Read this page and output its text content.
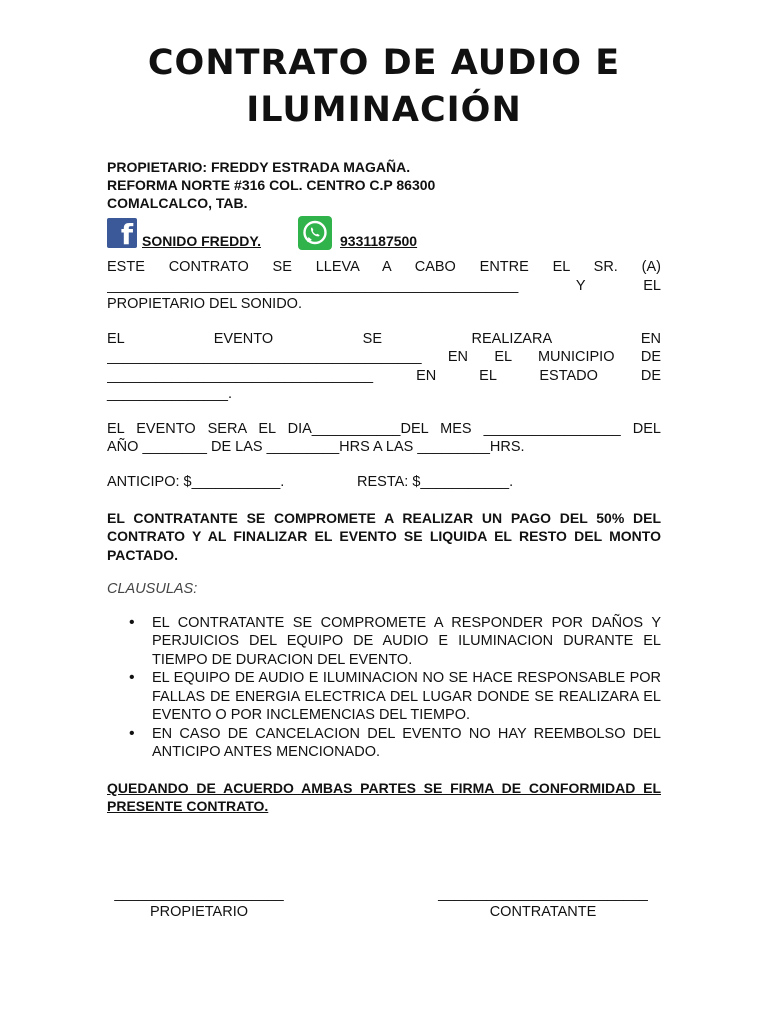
CONTRATO DE AUDIO E
ILUMINACIÓN
PROPIETARIO: FREDDY ESTRADA MAGAÑA.
REFORMA NORTE #316 COL. CENTRO C.P 86300
COMALCALCO, TAB.
f SONIDO FREDDY.	9331187500
ESTE CONTRATO SE LLEVA A CABO ENTRE EL SR. (A)
___________________________________________________ Y EL
PROPIETARIO DEL SONIDO.
EL EVENTO SE REALIZARA EN
_______________________________________ EN EL MUNICIPIO DE
_________________________________ EN EL ESTADO DE
_______________.
EL EVENTO SERA EL DIA___________DEL MES _________________ DEL
AÑO ________ DE LAS _________HRS A LAS _________HRS.
ANTICIPO: $___________.	RESTA: $___________.
EL CONTRATANTE SE COMPROMETE A REALIZAR UN PAGO DEL 50% DEL CONTRATO Y AL FINALIZAR EL EVENTO SE LIQUIDA EL RESTO DEL MONTO PACTADO.
CLAUSULAS:
• EL CONTRATANTE SE COMPROMETE A RESPONDER POR DAÑOS Y PERJUICIOS DEL EQUIPO DE AUDIO E ILUMINACION DURANTE EL TIEMPO DE DURACION DEL EVENTO.
• EL EQUIPO DE AUDIO E ILUMINACION NO SE HACE RESPONSABLE POR FALLAS DE ENERGIA ELECTRICA DEL LUGAR DONDE SE REALIZARA EL EVENTO O POR INCLEMENCIAS DEL TIEMPO.
• EN CASO DE CANCELACION DEL EVENTO NO HAY REEMBOLSO DEL ANTICIPO ANTES MENCIONADO.
QUEDANDO DE ACUERDO AMBAS PARTES SE FIRMA DE CONFORMIDAD EL PRESENTE CONTRATO.
_____________________
PROPIETARIO
__________________________
CONTRATANTE
